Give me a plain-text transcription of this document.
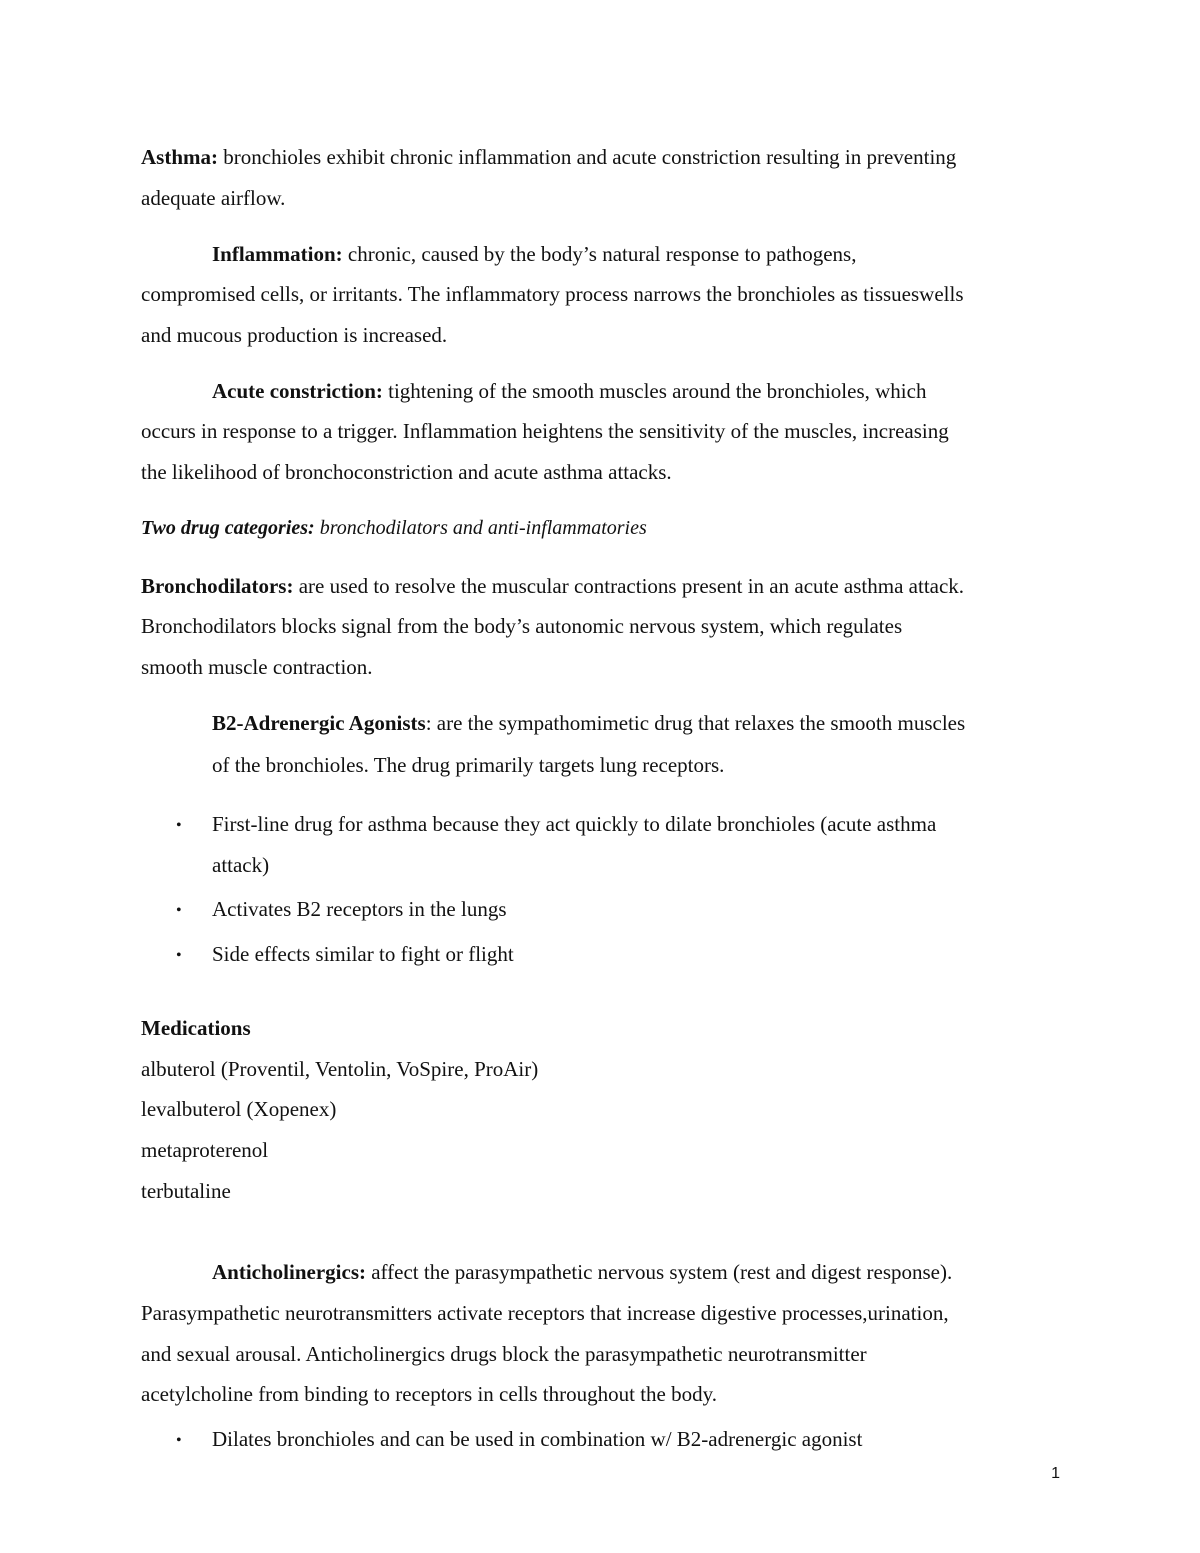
Asthma: bronchioles exhibit chronic inflammation and acute constriction resulting in preventing
adequate airflow.
Inflammation: chronic, caused by the body’s natural response to pathogens,
compromised cells, or irritants. The inflammatory process narrows the bronchioles as tissueswells
and mucous production is increased.
Acute constriction: tightening of the smooth muscles around the bronchioles, which
occurs in response to a trigger. Inflammation heightens the sensitivity of the muscles, increasing
the likelihood of bronchoconstriction and acute asthma attacks.
Two drug categories: bronchodilators and anti-inflammatories
Bronchodilators: are used to resolve the muscular contractions present in an acute asthma attack.
Bronchodilators blocks signal from the body’s autonomic nervous system, which regulates
smooth muscle contraction.
B2-Adrenergic Agonists: are the sympathomimetic drug that relaxes the smooth muscles
of the bronchioles. The drug primarily targets lung receptors.
• First-line drug for asthma because they act quickly to dilate bronchioles (acute asthma
attack)
• Activates B2 receptors in the lungs
• Side effects similar to fight or flight
Medications
albuterol (Proventil, Ventolin, VoSpire, ProAir)
levalbuterol (Xopenex)
metaproterenol
terbutaline
Anticholinergics: affect the parasympathetic nervous system (rest and digest response).
Parasympathetic neurotransmitters activate receptors that increase digestive processes,urination,
and sexual arousal. Anticholinergics drugs block the parasympathetic neurotransmitter
acetylcholine from binding to receptors in cells throughout the body.
• Dilates bronchioles and can be used in combination w/ B2-adrenergic agonist
1
